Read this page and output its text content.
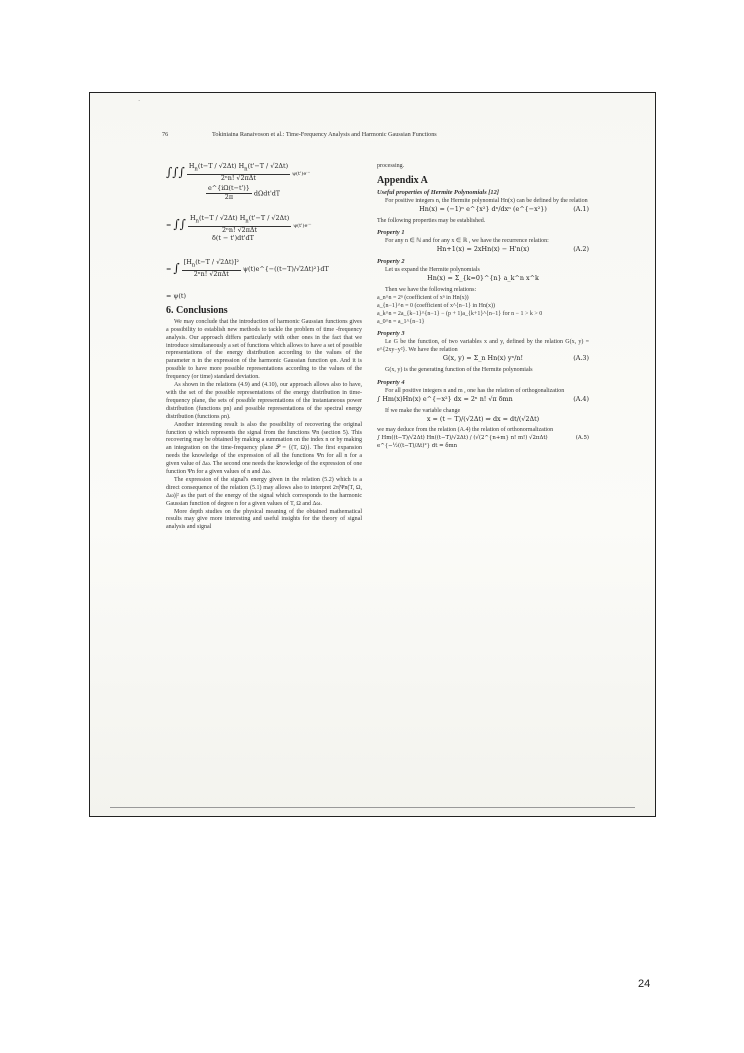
ˋ
76	Tokiniaina Ranaivoson et al.: Time-Frequency Analysis and Harmonic Gaussian Functions
∫∫∫ $\frac{H_n(t-T / √2\Delta t) H_n(t'-T / √2\Delta t)}{\text{2ⁿn! √2πΔt}} \psi(t')e^\dots$
$\frac{e\^{}\{i\Omega(t-t')\}}{2\pi} d\Omega dt'dT$
= ∫∫ $\frac{H_n(t-T / √2\Delta t) H_n(t'-T / √2\Delta t)}{\text{2ⁿn! √2πΔt}} \psi(t')e^\dots$
δ(t − t')dt'dT
= ∫ $\frac{[H_n(t-T / √2\Delta t)]^2}{\text{2ⁿn! √2πΔt}}$ ψ(t)e^{−((t−T)/√2Δt)²}dT
= ψ(t)
6. Conclusions

We may conclude that the introduction of harmonic Gaussian functions gives a possibility to establish new methods to tackle the problem of time -frequency analysis. Our approach differs particularly with other ones in the fact that we introduce simultaneously a set of functions which allows to have a set of possible representations of the energy distribution according to the values of the parameter n in the expression of the harmonic Gaussian function φn. And it is possible to have more possible representations according to the values of the frequency (or time) standard deviation.

As shown in the relations (4.9) and (4.10), our approach allows also to have, with the set of the possible representations of the energy distribution in time-frequency plane, the sets of possible representations of the instantaneous power distribution (functions pn) and possible representations of the spectral energy distribution (functions ρn).

Another interesting result is also the possibility of recovering the original function ψ which represents the signal from the functions Ψn (section 5). This recovering may be obtained by making a summation on the index n or by making an integration on the time-frequency plane 𝒫 = {(T, Ω)}. The first expansion needs the knowledge of the expression of all the functions Ψn for all n for a given value of Δω. The second one needs the knowledge of the expression of one function Ψn for a given values of n and Δω.

The expression of the signal's energy given in the relation (5.2) which is a direct consequence of the relation (5.1) may allows also to interpret 2π|Ψn(T, Ω, Δω)|² as the part of the energy of the signal which corresponds to the harmonic Gaussian function of degree n for a given values of T, Ω and Δω.

More depth studies on the physical meaning of the obtained mathematical results may give more interesting and useful insights for the theory of signal analysis and signal

processing.

Appendix A
Useful properties of Hermite Polynomials [12]

For positive integers n, the Hermite polynomial Hn(x) can be defined by the relation

Hn(x) = (−1)ⁿ e^{x²} dⁿ/dxⁿ (e^{−x²})	(A.1)

The following properties may be established.

Property 1

For any n ∈ ℕ and for any x ∈ ℝ , we have the recurrence relation:

Hn+1(x) = 2xHn(x) − H'n(x)	(A.2)
Property 2

Let us expand the Hermite polynomials

Hn(x) = Σ_{k=0}^{n} a_k^n x^k

Then we have the following relations:

a_n^n = 2ⁿ (coefficient of xⁿ in Hn(x))

a_{n−1}^n = 0 (coefficient of x^{n−1} in Hn(x))

a_k^n = 2a_{k−1}^{n−1} − (p + 1)a_{k+1}^{n−1} for n − 1 > k > 0

a_0^n = a_1^{n−1}

Property 3

Le G be the function, of two variables x and y, defined by the relation G(x, y) = e^{2xy−y²}. We have the relation

G(x, y) = Σ_n Hn(x) yⁿ/n!	(A.3)

G(x, y) is the generating function of the Hermite polynomials

Property 4

For all positive integers n and m , one has the relation of orthogonalization

∫ Hm(x)Hn(x) e^{−x²} dx = 2ⁿ n! √π δmn	(A.4)

If we make the variable change

x = (t − T)/(√2Δt) ⇒ dx = dt/(√2Δt)

we may deduce from the relation (A.4) the relation of orthonormalization

∫ Hm((t−T)/√2Δt) Hn((t−T)/√2Δt) / (√(2^{n+m} n! m!) √2πΔt) e^{−½((t−T)/Δt)²} dt = δmn
(A.5)
24
